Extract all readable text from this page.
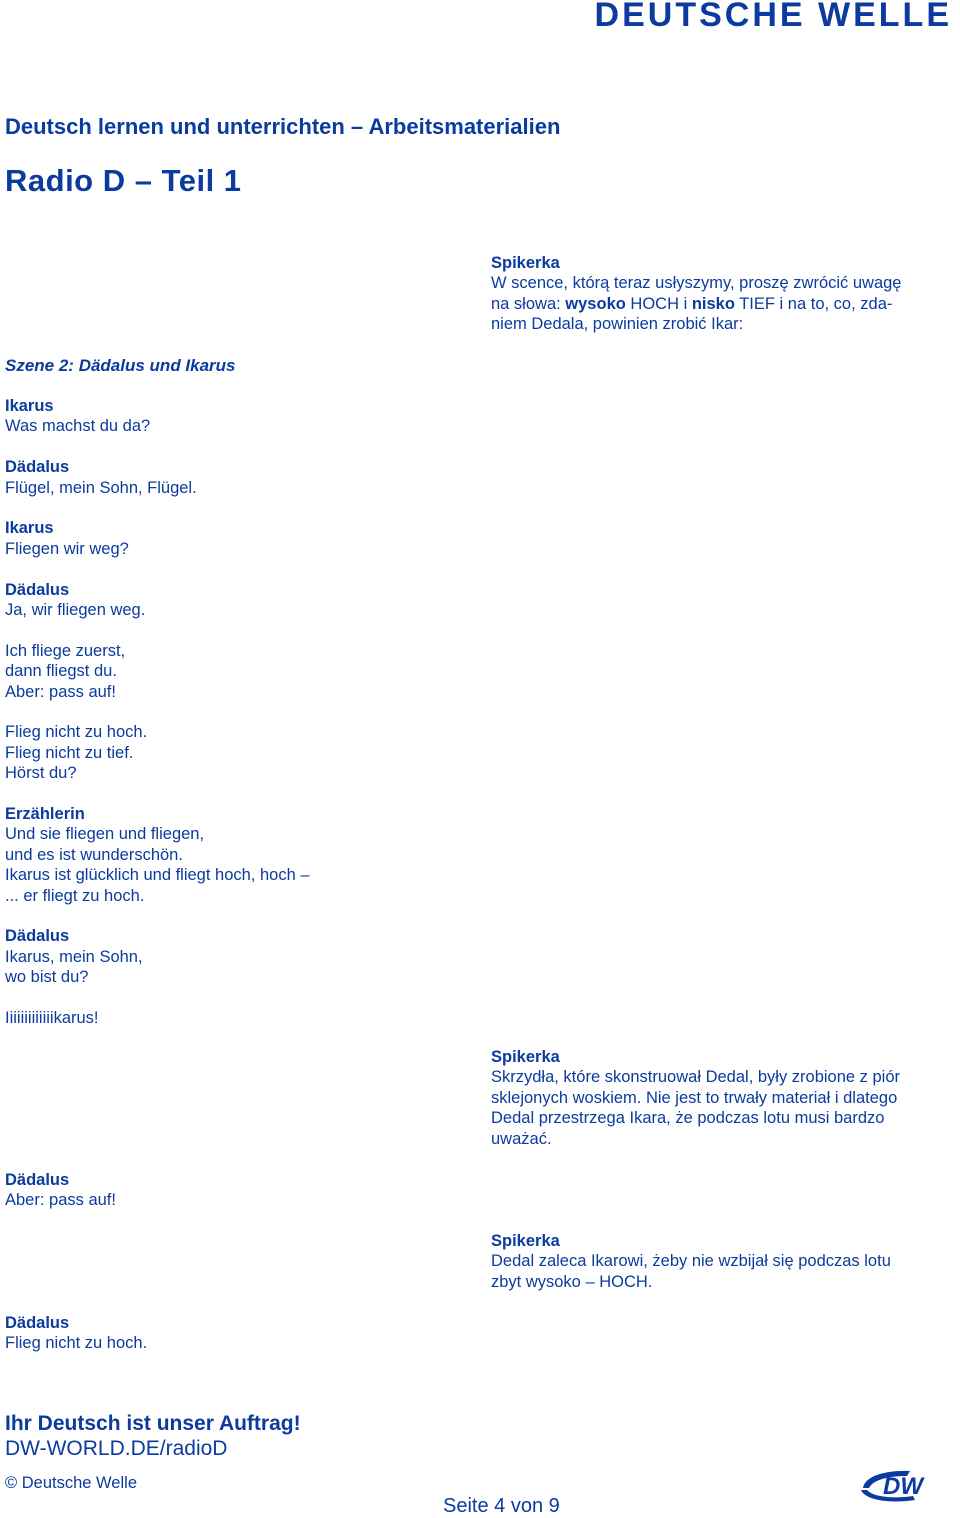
DEUTSCHE WELLE
Deutsch lernen und unterrichten – Arbeitsmaterialien
Radio D – Teil 1
Spikerka
W scence, którą teraz usłyszymy, proszę zwrócić uwagę
na słowa: wysoko HOCH i nisko TIEF i na to, co, zda-
niem Dedala, powinien zrobić Ikar:
Szene 2: Dädalus und Ikarus
Ikarus
Was machst du da?
Dädalus
Flügel, mein Sohn, Flügel.
Ikarus
Fliegen wir weg?
Dädalus
Ja, wir fliegen weg.
Ich fliege zuerst,
dann fliegst du.
Aber: pass auf!
Flieg nicht zu hoch.
Flieg nicht zu tief.
Hörst du?
Erzählerin
Und sie fliegen und fliegen,
und es ist wunderschön.
Ikarus ist glücklich und fliegt hoch, hoch –
... er fliegt zu hoch.
Dädalus
Ikarus, mein Sohn,
wo bist du?
Iiiiiiiiiiiiikarus!
Spikerka
Skrzydła, które skonstruował Dedal, były zrobione z piór
sklejonych woskiem. Nie jest to trwały materiał i dlatego
Dedal przestrzega Ikara, że podczas lotu musi bardzo
uważać.
Dädalus
Aber: pass auf!
Spikerka
Dedal zaleca Ikarowi, żeby nie wzbijał się podczas lotu
zbyt wysoko – HOCH.
Dädalus
Flieg nicht zu hoch.
Ihr Deutsch ist unser Auftrag!
DW-WORLD.DE/radioD
© Deutsche Welle
Seite 4 von 9
DW
